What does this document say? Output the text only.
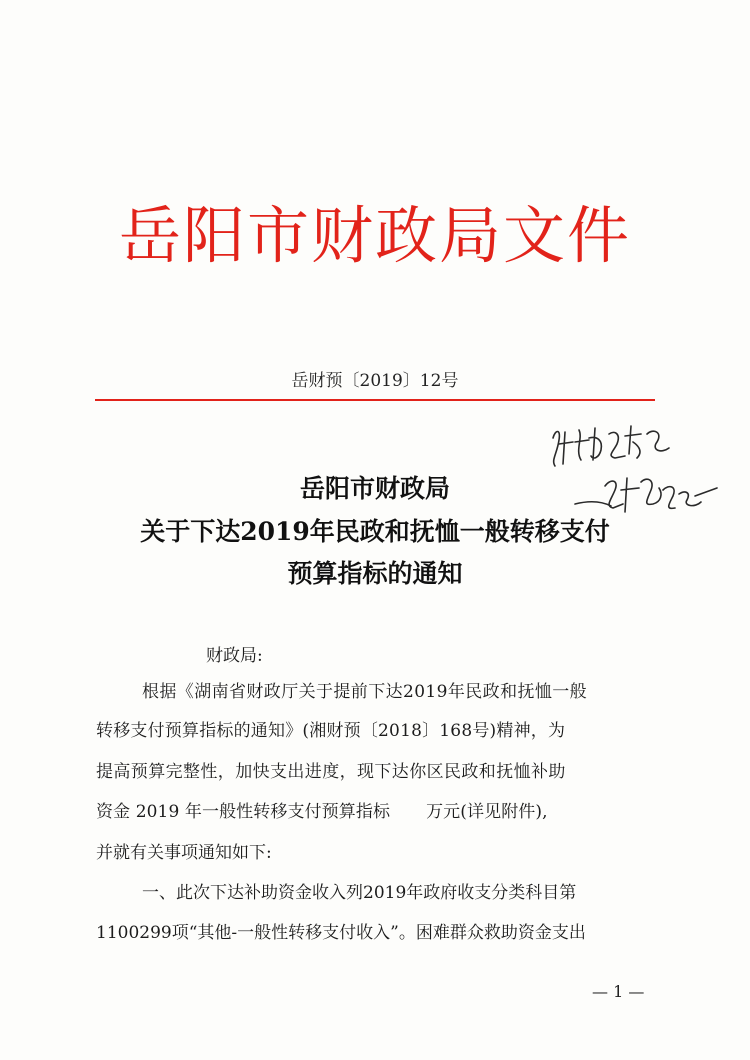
岳阳市财政局文件
岳财预〔2019〕12号
岳阳市财政局
关于下达2019年民政和抚恤一般转移支付
预算指标的通知
财政局:
根据《湖南省财政厅关于提前下达2019年民政和抚恤一般
转移支付预算指标的通知》(湘财预〔2018〕168号)精神，为
提高预算完整性，加快支出进度，现下达你区民政和抚恤补助
资金 2019 年一般性转移支付预算指标 万元(详见附件),
并就有关事项通知如下:
一、此次下达补助资金收入列2019年政府收支分类科目第
1100299项“其他-一般性转移支付收入”。困难群众救助资金支出
— 1 —
